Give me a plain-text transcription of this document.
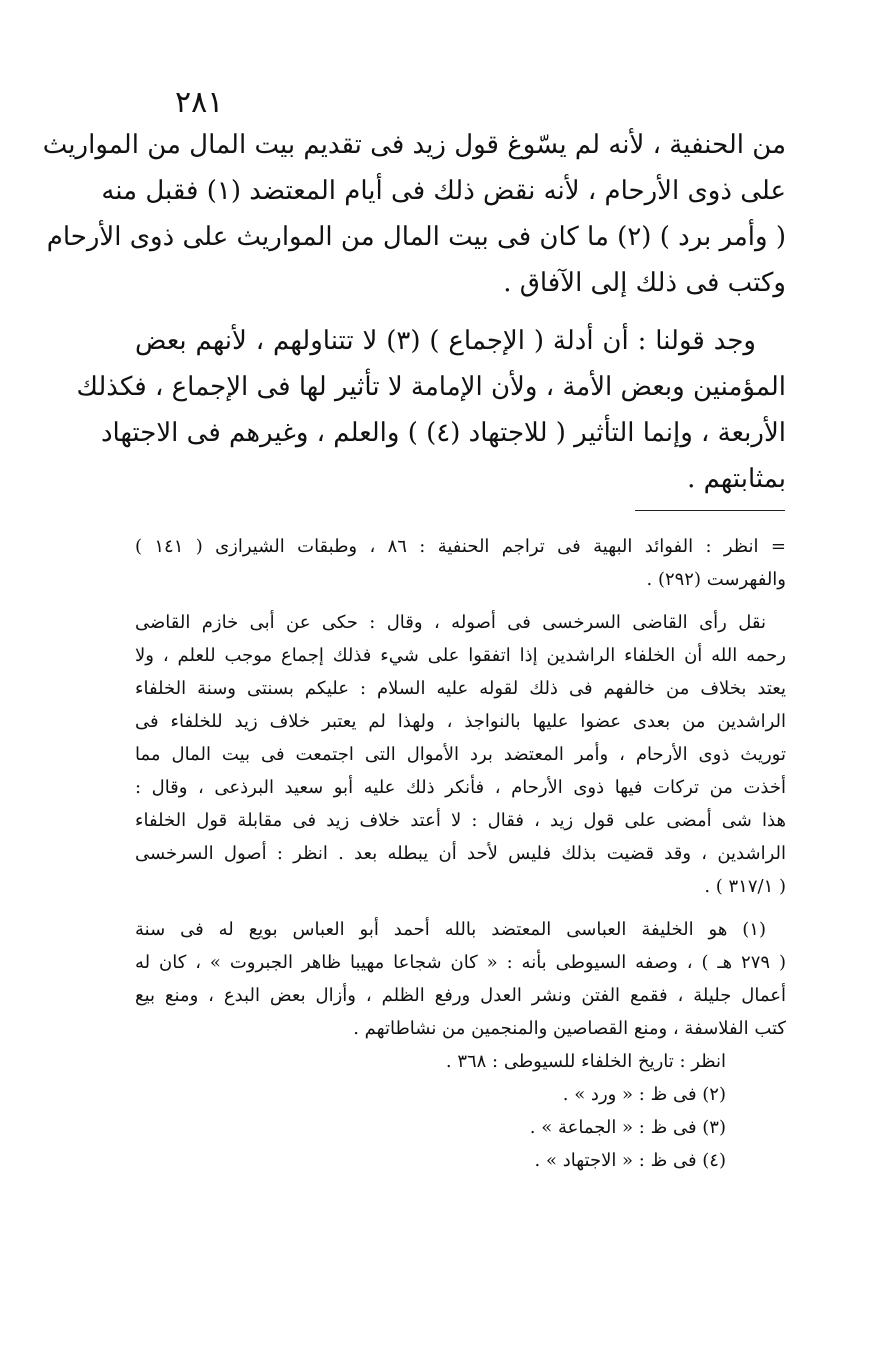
٢٨١
من الحنفية ، لأنه لم يسّوغ قول زيد فى تقديم بيت المال من المواريث
على ذوى الأرحام ، لأنه نقض ذلك فى أيام المعتضد (١) فقبل منه
( وأمر برد ) (٢) ما كان فى بيت المال من المواريث على ذوى الأرحام
وكتب فى ذلك إلى الآفاق .
وجد قولنا : أن أدلة ( الإجماع ) (٣) لا تتناولهم ، لأنهم بعض
المؤمنين وبعض الأمة ، ولأن الإمامة لا تأثير لها فى الإجماع ، فكذلك
الأربعة ، وإنما التأثير ( للاجتهاد (٤) ) والعلم ، وغيرهم فى الاجتهاد
بمثابتهم .
= انظر : الفوائد البهية فى تراجم الحنفية : ٨٦ ، وطبقات الشيرازى ( ١٤١ )
والفهرست (٢٩٢) .
نقل رأى القاضى السرخسى فى أصوله ، وقال : حكى عن أبى خازم القاضى
رحمه الله أن الخلفاء الراشدين إذا اتفقوا على شيء فذلك إجماع موجب للعلم ، ولا
يعتد بخلاف من خالفهم فى ذلك لقوله عليه السلام : عليكم بسنتى وسنة الخلفاء
الراشدين من بعدى عضوا عليها بالنواجذ ، ولهذا لم يعتبر خلاف زيد للخلفاء فى
توريث ذوى الأرحام ، وأمر المعتضد برد الأموال التى اجتمعت فى بيت المال مما
أخذت من تركات فيها ذوى الأرحام ، فأنكر ذلك عليه أبو سعيد البرذعى ، وقال :
هذا شى أمضى على قول زيد ، فقال : لا أعتد خلاف زيد فى مقابلة قول الخلفاء
الراشدين ، وقد قضيت بذلك فليس لأحد أن يبطله بعد . انظر : أصول السرخسى
( ٣١٧/١ ) .
(١) هو الخليفة العباسى المعتضد بالله أحمد أبو العباس بويع له فى سنة
( ٢٧٩ هـ ) ، وصفه السيوطى بأنه : « كان شجاعا مهيبا ظاهر الجبروت » ، كان له
أعمال جليلة ، فقمع الفتن ونشر العدل ورفع الظلم ، وأزال بعض البدع ، ومنع بيع
كتب الفلاسفة ، ومنع القصاصين والمنجمين من نشاطاتهم .
انظر : تاريخ الخلفاء للسيوطى : ٣٦٨ .
(٢) فى ظ : « ورد » .
(٣) فى ظ : « الجماعة » .
(٤) فى ظ : « الاجتهاد » .
